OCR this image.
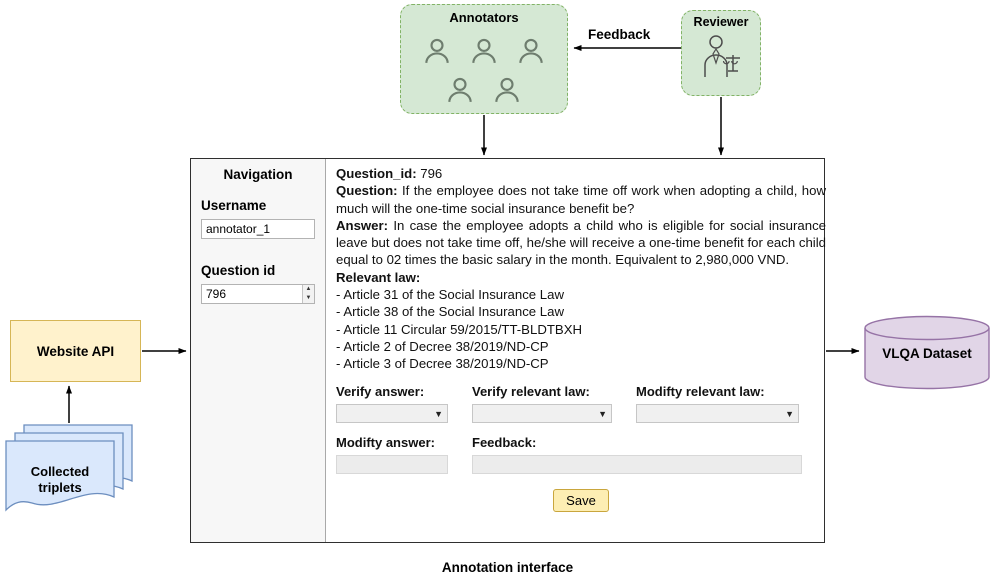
Annotators	Reviewer
Feedback
Website API
Collected triplets
VLQA Dataset
Navigation
Username
annotator_1
Question id
796
▲
▼

Question_id: 796

Question: If the employee does not take time off work when adopting a child, how much will the one-time social insurance benefit be?

Answer: In case the employee adopts a child who is eligible for social insurance leave but does not take time off, he/she will receive a one-time benefit for each child equal to 02 times the basic salary in the month. Equivalent to 2,980,000 VND.

Relevant law:
- Article 31 of the Social Insurance Law
- Article 38 of the Social Insurance Law
- Article 11 Circular 59/2015/TT-BLDTBXH
- Article 2 of Decree 38/2019/ND-CP
- Article 3 of Decree 38/2019/ND-CP
Verify answer:
▼
Verify relevant law:
▼
Modifty relevant law:
▼
Modifty answer:	Feedback:
Save
Annotation interface
